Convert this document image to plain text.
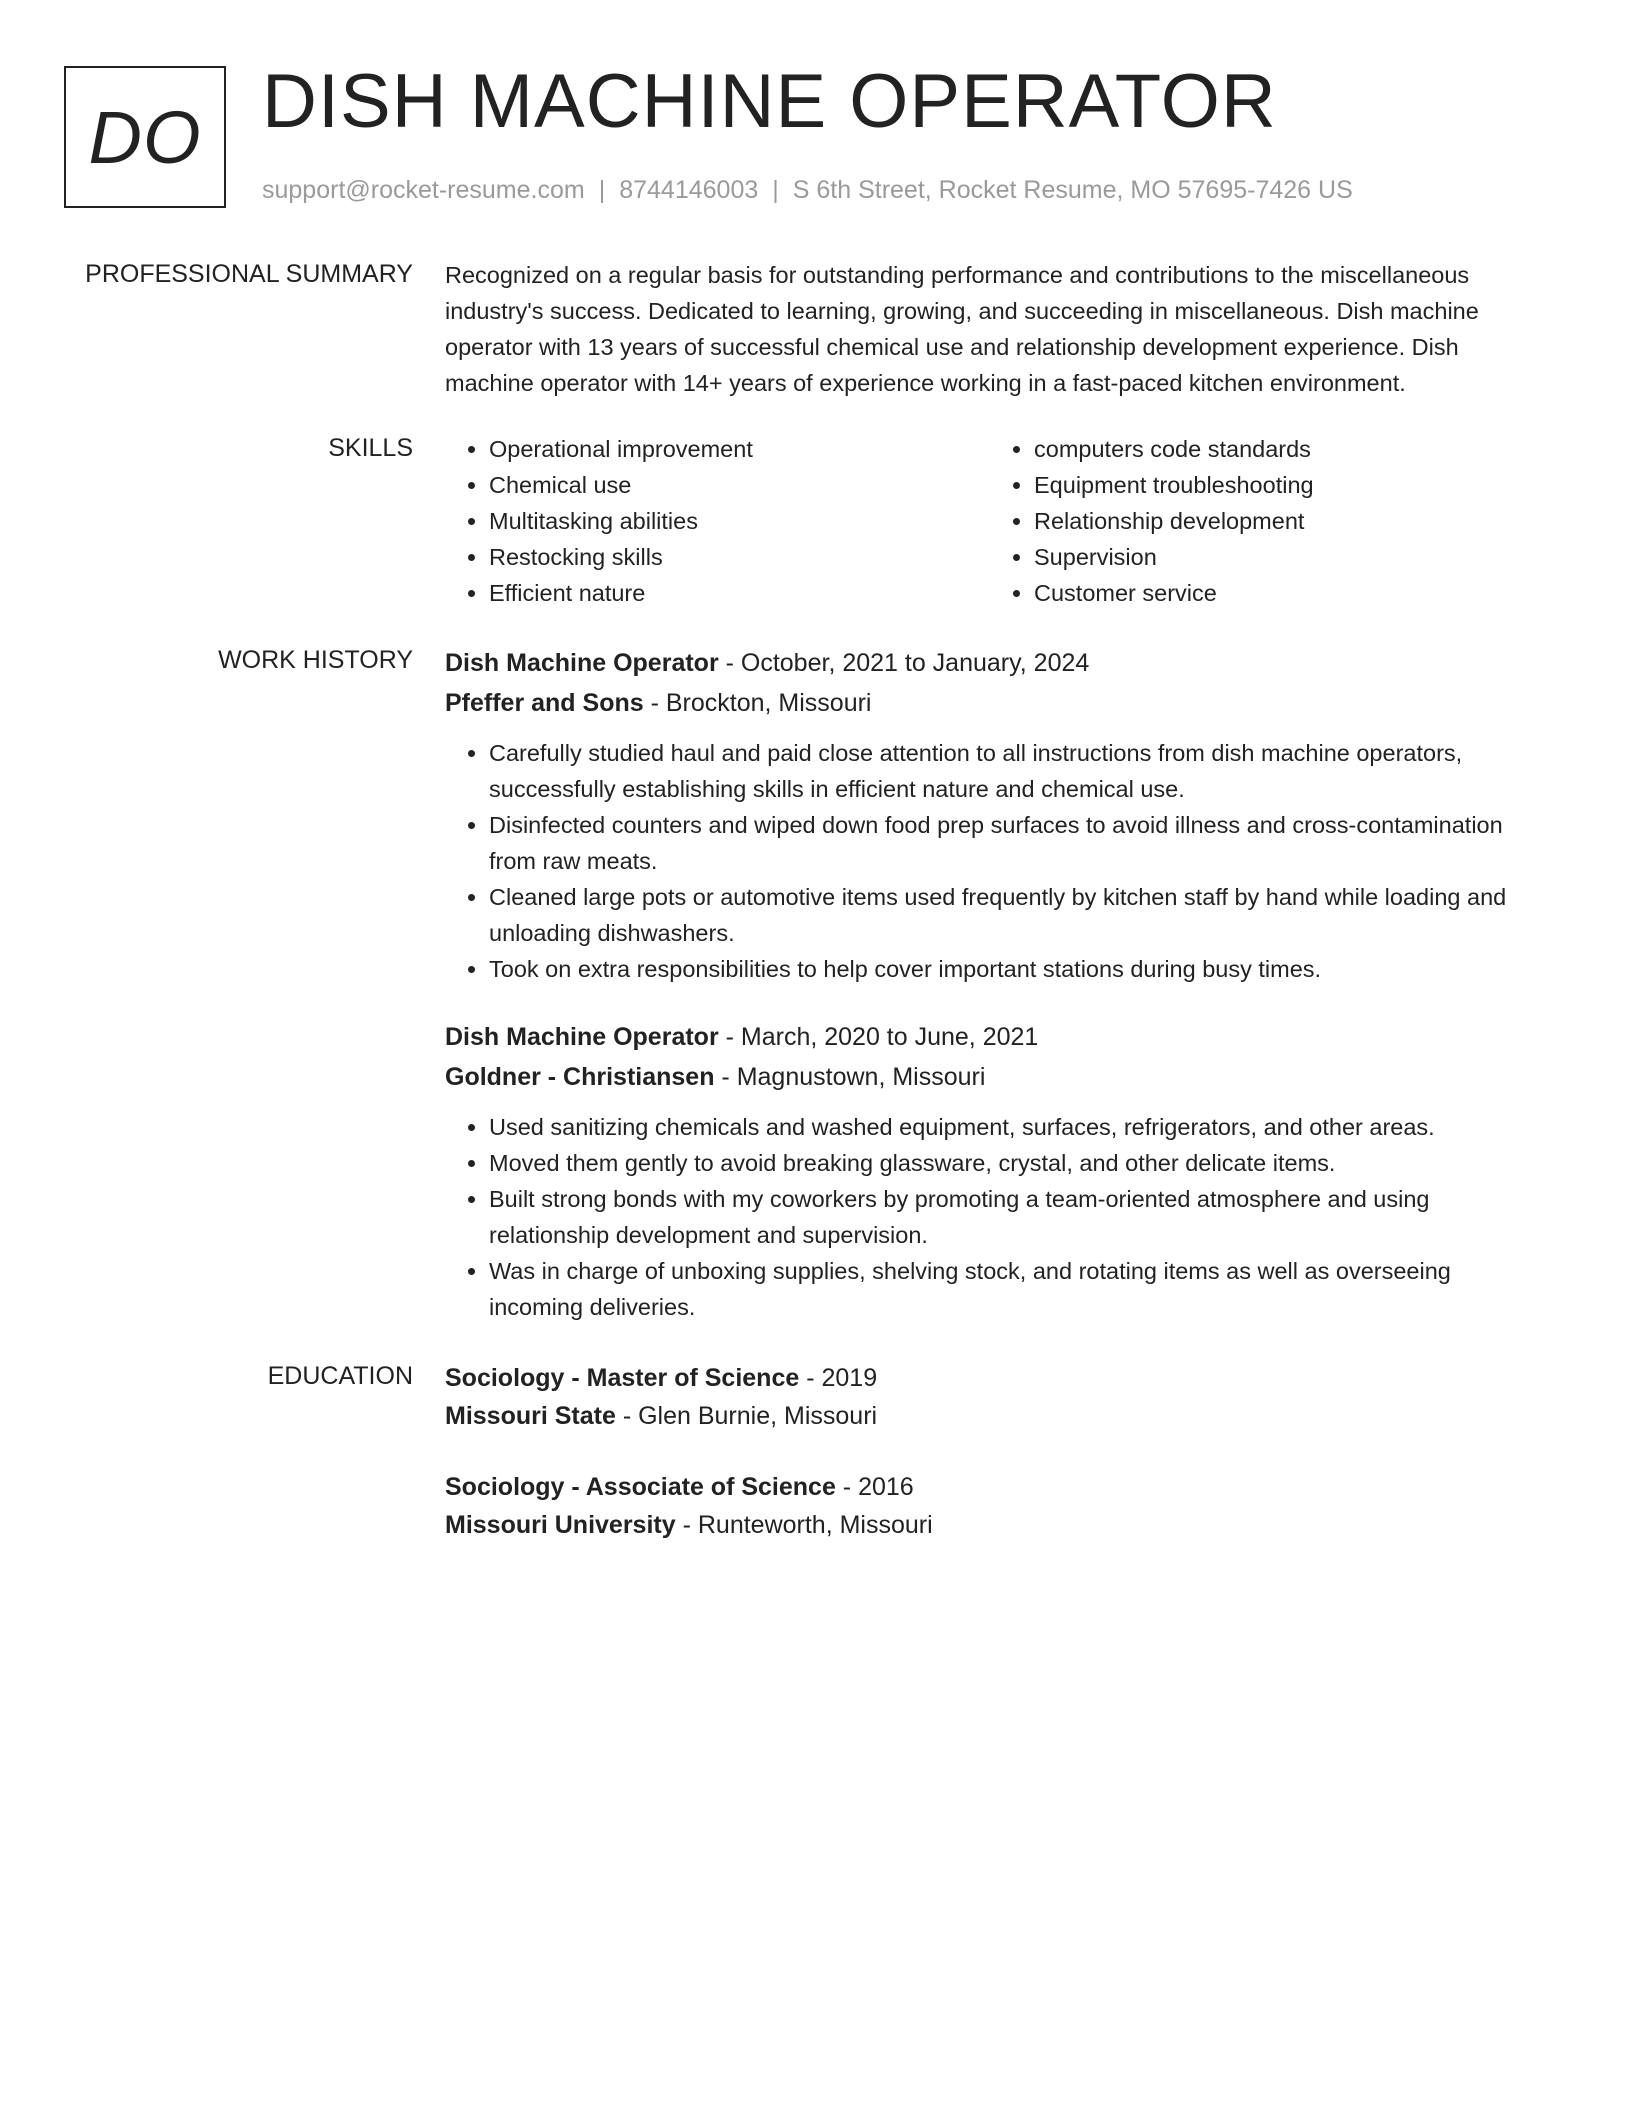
DO DISH MACHINE OPERATOR
support@rocket-resume.com | 8744146003 | S 6th Street, Rocket Resume, MO 57695-7426 US
PROFESSIONAL SUMMARY Recognized on a regular basis for outstanding performance and contributions to the miscellaneous industry's success. Dedicated to learning, growing, and succeeding in miscellaneous. Dish machine operator with 13 years of successful chemical use and relationship development experience. Dish machine operator with 14+ years of experience working in a fast-paced kitchen environment.

SKILLS
•	Operational improvement
• Chemical use
• Multitasking abilities
• Restocking skills
• Efficient nature
• computers code standards
• Equipment troubleshooting
• Relationship development
• Supervision
• Customer service
WORK HISTORY Dish Machine Operator - October, 2021 to January, 2024
Pfeffer and Sons - Brockton, Missouri
• Carefully studied haul and paid close attention to all instructions from dish machine operators, successfully establishing skills in efficient nature and chemical use.
• Disinfected counters and wiped down food prep surfaces to avoid illness and cross-contamination from raw meats.
• Cleaned large pots or automotive items used frequently by kitchen staff by hand while loading and unloading dishwashers.
• Took on extra responsibilities to help cover important stations during busy times.
Dish Machine Operator - March, 2020 to June, 2021
Goldner - Christiansen - Magnustown, Missouri
• Used sanitizing chemicals and washed equipment, surfaces, refrigerators, and other areas.
• Moved them gently to avoid breaking glassware, crystal, and other delicate items.
• Built strong bonds with my coworkers by promoting a team-oriented atmosphere and using relationship development and supervision.
• Was in charge of unboxing supplies, shelving stock, and rotating items as well as overseeing incoming deliveries.
EDUCATION Sociology - Master of Science - 2019
Missouri State - Glen Burnie, Missouri
Sociology - Associate of Science - 2016
Missouri University - Runteworth, Missouri
